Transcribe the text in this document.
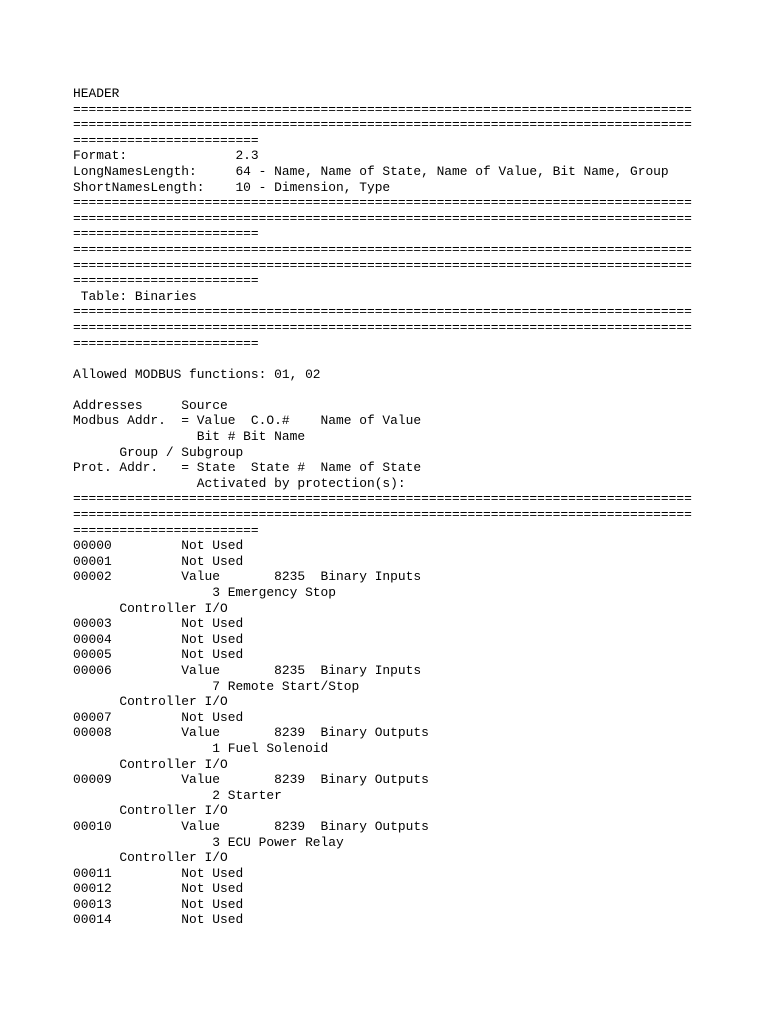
HEADER
================================================================================
================================================================================
========================
Format:              2.3
LongNamesLength:     64 - Name, Name of State, Name of Value, Bit Name, Group
ShortNamesLength:    10 - Dimension, Type
================================================================================
================================================================================
========================
================================================================================
================================================================================
========================
Table: Binaries
================================================================================
================================================================================
========================
Allowed MODBUS functions: 01, 02
Addresses     Source
Modbus Addr.  = Value  C.O.#    Name of Value
Bit # Bit Name
Group / Subgroup
Prot. Addr.   = State  State #  Name of State
Activated by protection(s):
================================================================================
================================================================================
========================
00000         Not Used
00001         Not Used
00002         Value       8235  Binary Inputs
3 Emergency Stop
Controller I/O
00003         Not Used
00004         Not Used
00005         Not Used
00006         Value       8235  Binary Inputs
7 Remote Start/Stop
Controller I/O
00007         Not Used
00008         Value       8239  Binary Outputs
1 Fuel Solenoid
Controller I/O
00009         Value       8239  Binary Outputs
2 Starter
Controller I/O
00010         Value       8239  Binary Outputs
3 ECU Power Relay
Controller I/O
00011         Not Used
00012         Not Used
00013         Not Used
00014         Not Used
